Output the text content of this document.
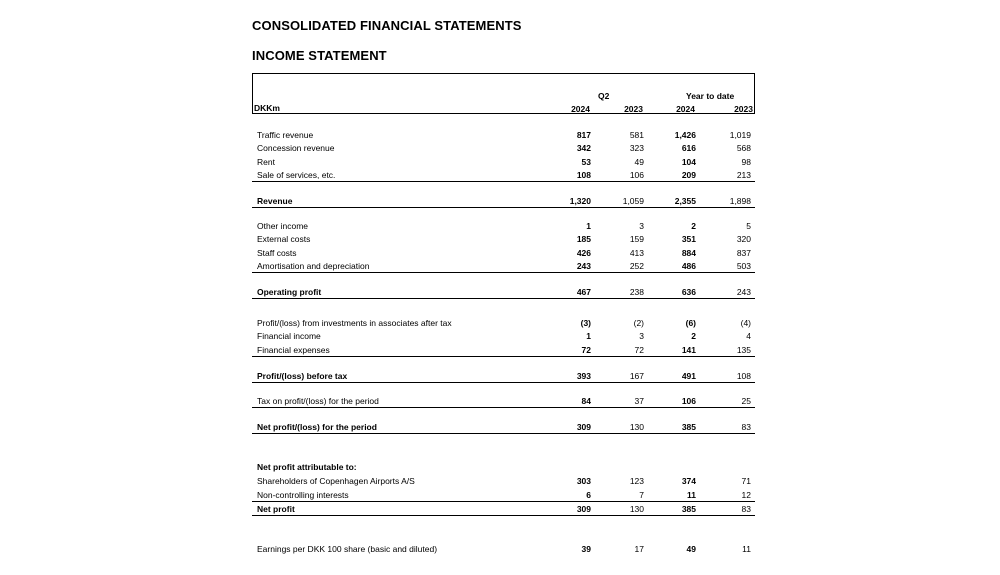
CONSOLIDATED FINANCIAL STATEMENTS
INCOME STATEMENT
DKKm
Q2	Year to date
2024	2023	2024	2023
Traffic revenue	817	581	1,426	1,019
Concession revenue	342	323	616	568
Rent	53	49	104	98
Sale of services, etc.	108	106	209	213
Revenue	1,320	1,059	2,355	1,898
Other income	1	3	2	5
External costs	185	159	351	320
Staff costs	426	413	884	837
Amortisation and depreciation	243	252	486	503
Operating profit	467	238	636	243
Profit/(loss) from investments in associates after tax	(3)	(2)	(6)	(4)
Financial income	1	3	2	4
Financial expenses	72	72	141	135
Profit/(loss) before tax	393	167	491	108
Tax on profit/(loss) for the period	84	37	106	25
Net profit/(loss) for the period	309	130	385	83
Net profit attributable to:
Shareholders of Copenhagen Airports A/S	303	123	374	71
Non-controlling interests	6	7	11	12
Net profit	309	130	385	83
Earnings per DKK 100 share (basic and diluted)	39	17	49	11
